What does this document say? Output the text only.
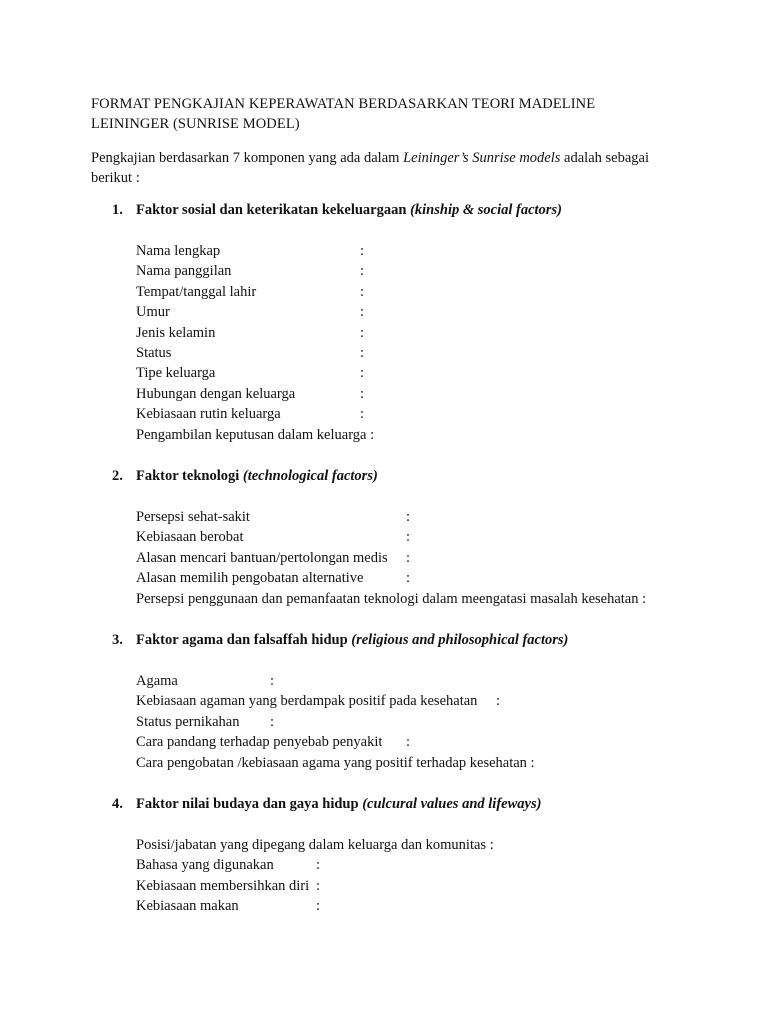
FORMAT PENGKAJIAN KEPERAWATAN BERDASARKAN TEORI MADELINE
LEININGER (SUNRISE MODEL)
Pengkajian berdasarkan 7 komponen yang ada dalam Leininger’s Sunrise models adalah sebagai
berikut :
1. Faktor sosial dan keterikatan kekeluargaan (kinship & social factors)
Nama lengkap	:
Nama panggilan	:
Tempat/tanggal lahir	:
Umur	:
Jenis kelamin	:
Status	:
Tipe keluarga	:
Hubungan dengan keluarga	:
Kebiasaan rutin keluarga	:
Pengambilan keputusan dalam keluarga :
2. Faktor teknologi (technological factors)
Persepsi sehat-sakit	:
Kebiasaan berobat	:
Alasan mencari bantuan/pertolongan medis :
Alasan memilih pengobatan alternative	:
Persepsi penggunaan dan pemanfaatan teknologi dalam meengatasi masalah kesehatan :
3. Faktor agama dan falsaffah hidup (religious and philosophical factors)
Agama	:
Kebiasaan agaman yang berdampak positif pada kesehatan :
Status pernikahan :
Cara pandang terhadap penyebab penyakit :
Cara pengobatan /kebiasaan agama yang positif terhadap kesehatan :
4. Faktor nilai budaya dan gaya hidup (culcural values and lifeways)
Posisi/jabatan yang dipegang dalam keluarga dan komunitas :
Bahasa yang digunakan	:
Kebiasaan membersihkan diri :
Kebiasaan makan	:
